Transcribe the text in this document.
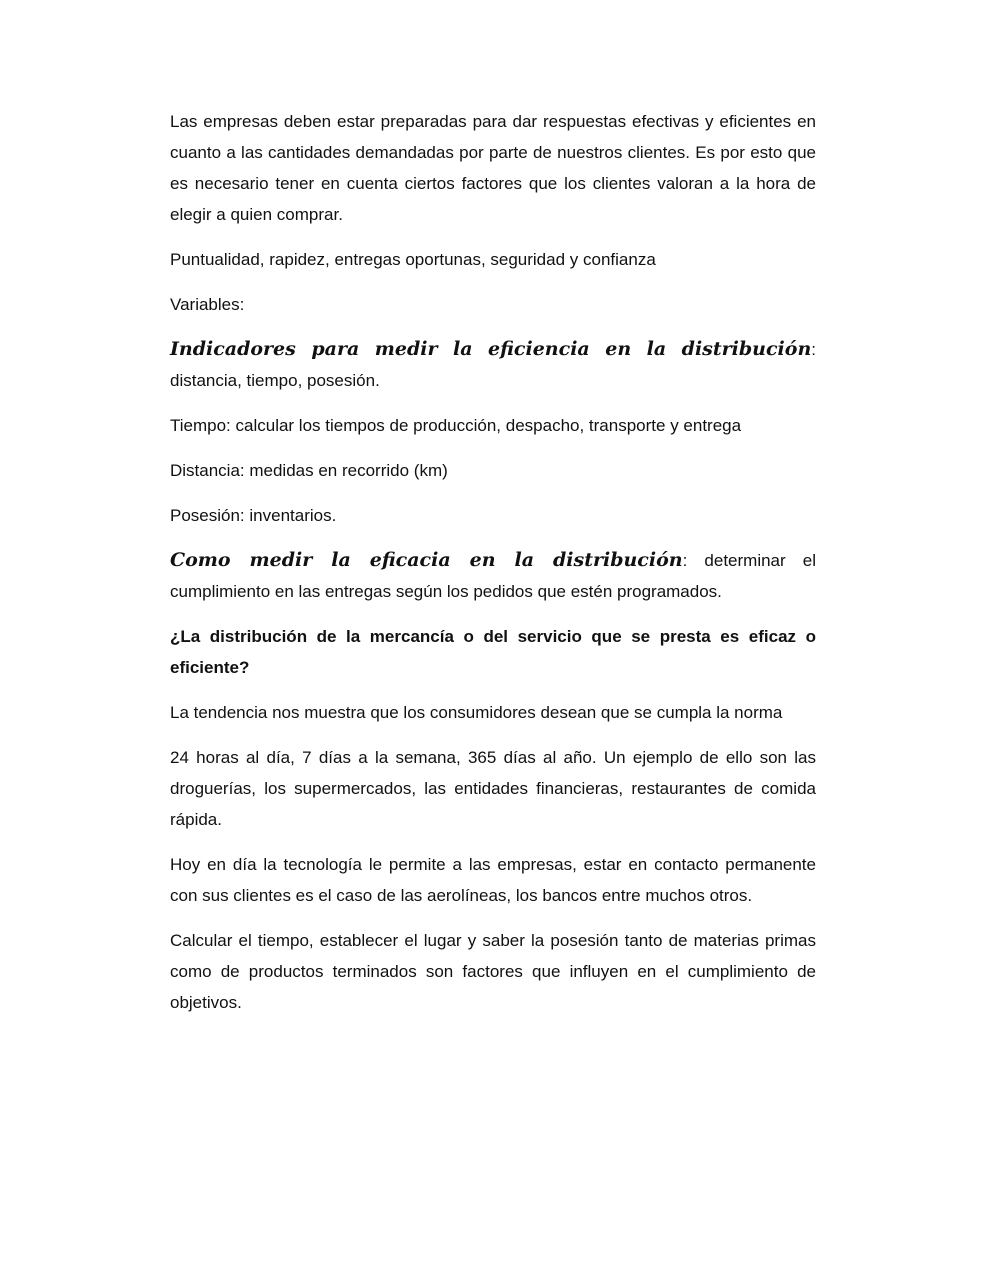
Las empresas deben estar preparadas para dar respuestas efectivas y eficientes en cuanto a las cantidades demandadas por parte de nuestros clientes. Es por esto que es necesario tener en cuenta ciertos factores que los clientes valoran a la hora de elegir a quien comprar.

Puntualidad, rapidez, entregas oportunas, seguridad y confianza

Variables:

Indicadores para medir la eficiencia en la distribución: distancia, tiempo, posesión.

Tiempo: calcular los tiempos de producción, despacho, transporte y entrega

Distancia: medidas en recorrido (km)

Posesión: inventarios.

Como medir la eficacia en la distribución: determinar el cumplimiento en las entregas según los pedidos que estén programados.

¿La distribución de la mercancía o del servicio que se presta es eficaz o eficiente?

La tendencia nos muestra que los consumidores desean que se cumpla la norma

24 horas al día, 7 días a la semana, 365 días al año. Un ejemplo de ello son las droguerías, los supermercados, las entidades financieras, restaurantes de comida rápida.

Hoy en día la tecnología le permite a las empresas, estar en contacto permanente con sus clientes es el caso de las aerolíneas, los bancos entre muchos otros.

Calcular el tiempo, establecer el lugar y saber la posesión tanto de materias primas como de productos terminados son factores que influyen en el cumplimiento de objetivos.
